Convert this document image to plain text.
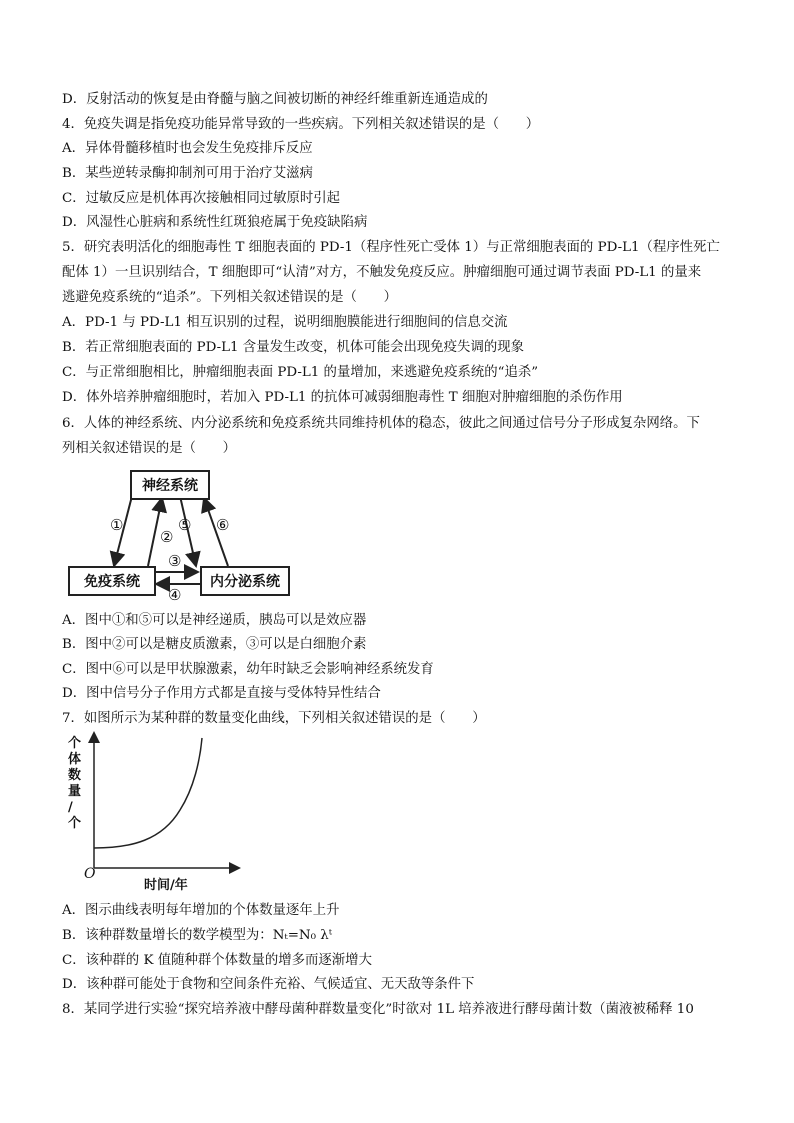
D．反射活动的恢复是由脊髓与脑之间被切断的神经纤维重新连通造成的
4．免疫失调是指免疫功能异常导致的一些疾病。下列相关叙述错误的是（　　）
A．异体骨髓移植时也会发生免疫排斥反应
B．某些逆转录酶抑制剂可用于治疗艾滋病
C．过敏反应是机体再次接触相同过敏原时引起
D．风湿性心脏病和系统性红斑狼疮属于免疫缺陷病
5．研究表明活化的细胞毒性 T 细胞表面的 PD-1（程序性死亡受体 1）与正常细胞表面的 PD-L1（程序性死亡
配体 1）一旦识别结合，T 细胞即可“认清”对方，不触发免疫反应。肿瘤细胞可通过调节表面 PD-L1 的量来
逃避免疫系统的“追杀”。下列相关叙述错误的是（　　）
A．PD-1 与 PD-L1 相互识别的过程，说明细胞膜能进行细胞间的信息交流
B．若正常细胞表面的 PD-L1 含量发生改变，机体可能会出现免疫失调的现象
C．与正常细胞相比，肿瘤细胞表面 PD-L1 的量增加，来逃避免疫系统的“追杀”
D．体外培养肿瘤细胞时，若加入 PD-L1 的抗体可减弱细胞毒性 T 细胞对肿瘤细胞的杀伤作用
6．人体的神经系统、内分泌系统和免疫系统共同维持机体的稳态，彼此之间通过信号分子形成复杂网络。下
列相关叙述错误的是（　　）
神经系统
免疫系统	内分泌系统
①
②
⑤ ⑥
③
④
A．图中①和⑤可以是神经递质，胰岛可以是效应器
B．图中②可以是糖皮质激素，③可以是白细胞介素
C．图中⑥可以是甲状腺激素，幼年时缺乏会影响神经系统发育
D．图中信号分子作用方式都是直接与受体特异性结合
7．如图所示为某种群的数量变化曲线，下列相关叙述错误的是（　　）
个
体
数
量
/
个
O
时间/年
A．图示曲线表明每年增加的个体数量逐年上升
B．该种群数量增长的数学模型为：Nₜ=N₀ λᵗ
C．该种群的 K 值随种群个体数量的增多而逐渐增大
D．该种群可能处于食物和空间条件充裕、气候适宜、无天敌等条件下
8．某同学进行实验“探究培养液中酵母菌种群数量变化”时欲对 1L 培养液进行酵母菌计数（菌液被稀释 10
